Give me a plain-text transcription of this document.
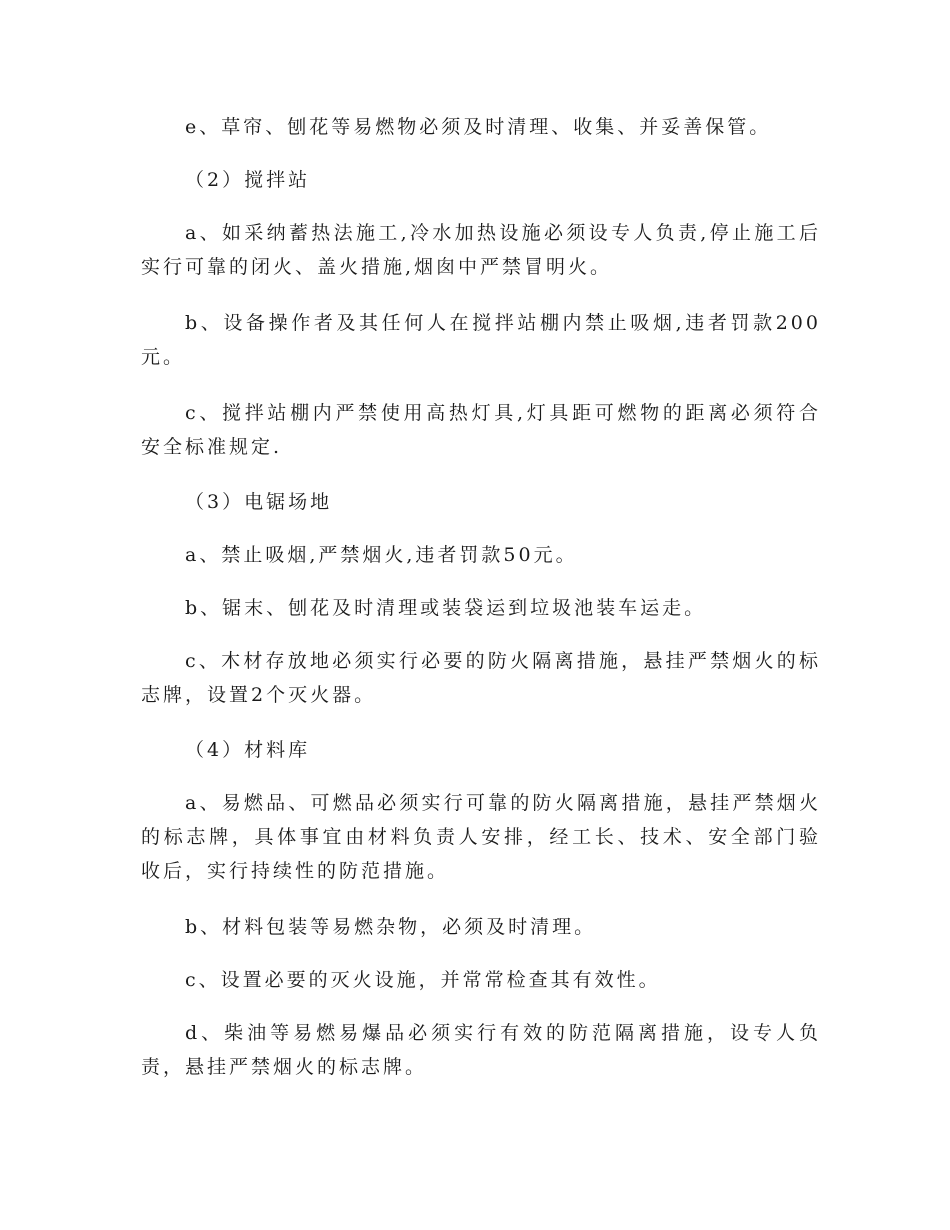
e、草帘、刨花等易燃物必须及时清理、收集、并妥善保管。

（2）搅拌站

a、如采纳蓄热法施工,冷水加热设施必须设专人负责,停止施工后实行可靠的闭火、盖火措施,烟囱中严禁冒明火。

b、设备操作者及其任何人在搅拌站棚内禁止吸烟,违者罚款200元。

c、搅拌站棚内严禁使用高热灯具,灯具距可燃物的距离必须符合安全标准规定.

（3）电锯场地

a、禁止吸烟,严禁烟火,违者罚款50元。

b、锯末、刨花及时清理或装袋运到垃圾池装车运走。

c、木材存放地必须实行必要的防火隔离措施，悬挂严禁烟火的标志牌，设置2个灭火器。

（4）材料库

a、易燃品、可燃品必须实行可靠的防火隔离措施，悬挂严禁烟火的标志牌，具体事宜由材料负责人安排，经工长、技术、安全部门验收后，实行持续性的防范措施。

b、材料包装等易燃杂物，必须及时清理。

c、设置必要的灭火设施，并常常检查其有效性。

d、柴油等易燃易爆品必须实行有效的防范隔离措施，设专人负责，悬挂严禁烟火的标志牌。
